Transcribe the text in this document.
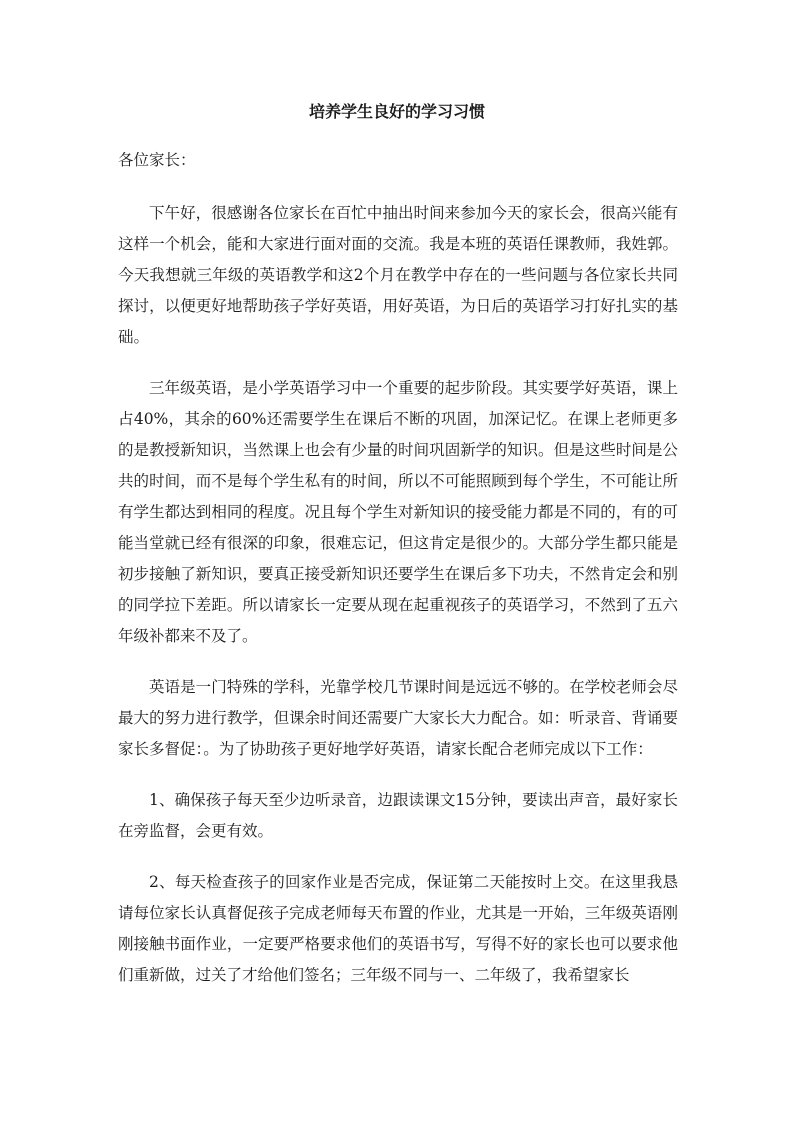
培养学生良好的学习习惯

各位家长：

下午好，很感谢各位家长在百忙中抽出时间来参加今天的家长会，很高兴能有这样一个机会，能和大家进行面对面的交流。我是本班的英语任课教师，我姓郭。今天我想就三年级的英语教学和这2个月在教学中存在的一些问题与各位家长共同探讨，以便更好地帮助孩子学好英语，用好英语，为日后的英语学习打好扎实的基础。

三年级英语，是小学英语学习中一个重要的起步阶段。其实要学好英语，课上占40%，其余的60%还需要学生在课后不断的巩固，加深记忆。在课上老师更多的是教授新知识，当然课上也会有少量的时间巩固新学的知识。但是这些时间是公共的时间，而不是每个学生私有的时间，所以不可能照顾到每个学生，不可能让所有学生都达到相同的程度。况且每个学生对新知识的接受能力都是不同的，有的可能当堂就已经有很深的印象，很难忘记，但这肯定是很少的。大部分学生都只能是初步接触了新知识，要真正接受新知识还要学生在课后多下功夫，不然肯定会和别的同学拉下差距。所以请家长一定要从现在起重视孩子的英语学习，不然到了五六年级补都来不及了。

英语是一门特殊的学科，光靠学校几节课时间是远远不够的。在学校老师会尽最大的努力进行教学，但课余时间还需要广大家长大力配合。如：听录音、背诵要家长多督促：。为了协助孩子更好地学好英语，请家长配合老师完成以下工作：

1、确保孩子每天至少边听录音，边跟读课文15分钟，要读出声音，最好家长在旁监督，会更有效。

2、每天检查孩子的回家作业是否完成，保证第二天能按时上交。在这里我恳请每位家长认真督促孩子完成老师每天布置的作业，尤其是一开始，三年级英语刚刚接触书面作业，一定要严格要求他们的英语书写，写得不好的家长也可以要求他们重新做，过关了才给他们签名；三年级不同与一、二年级了，我希望家长
